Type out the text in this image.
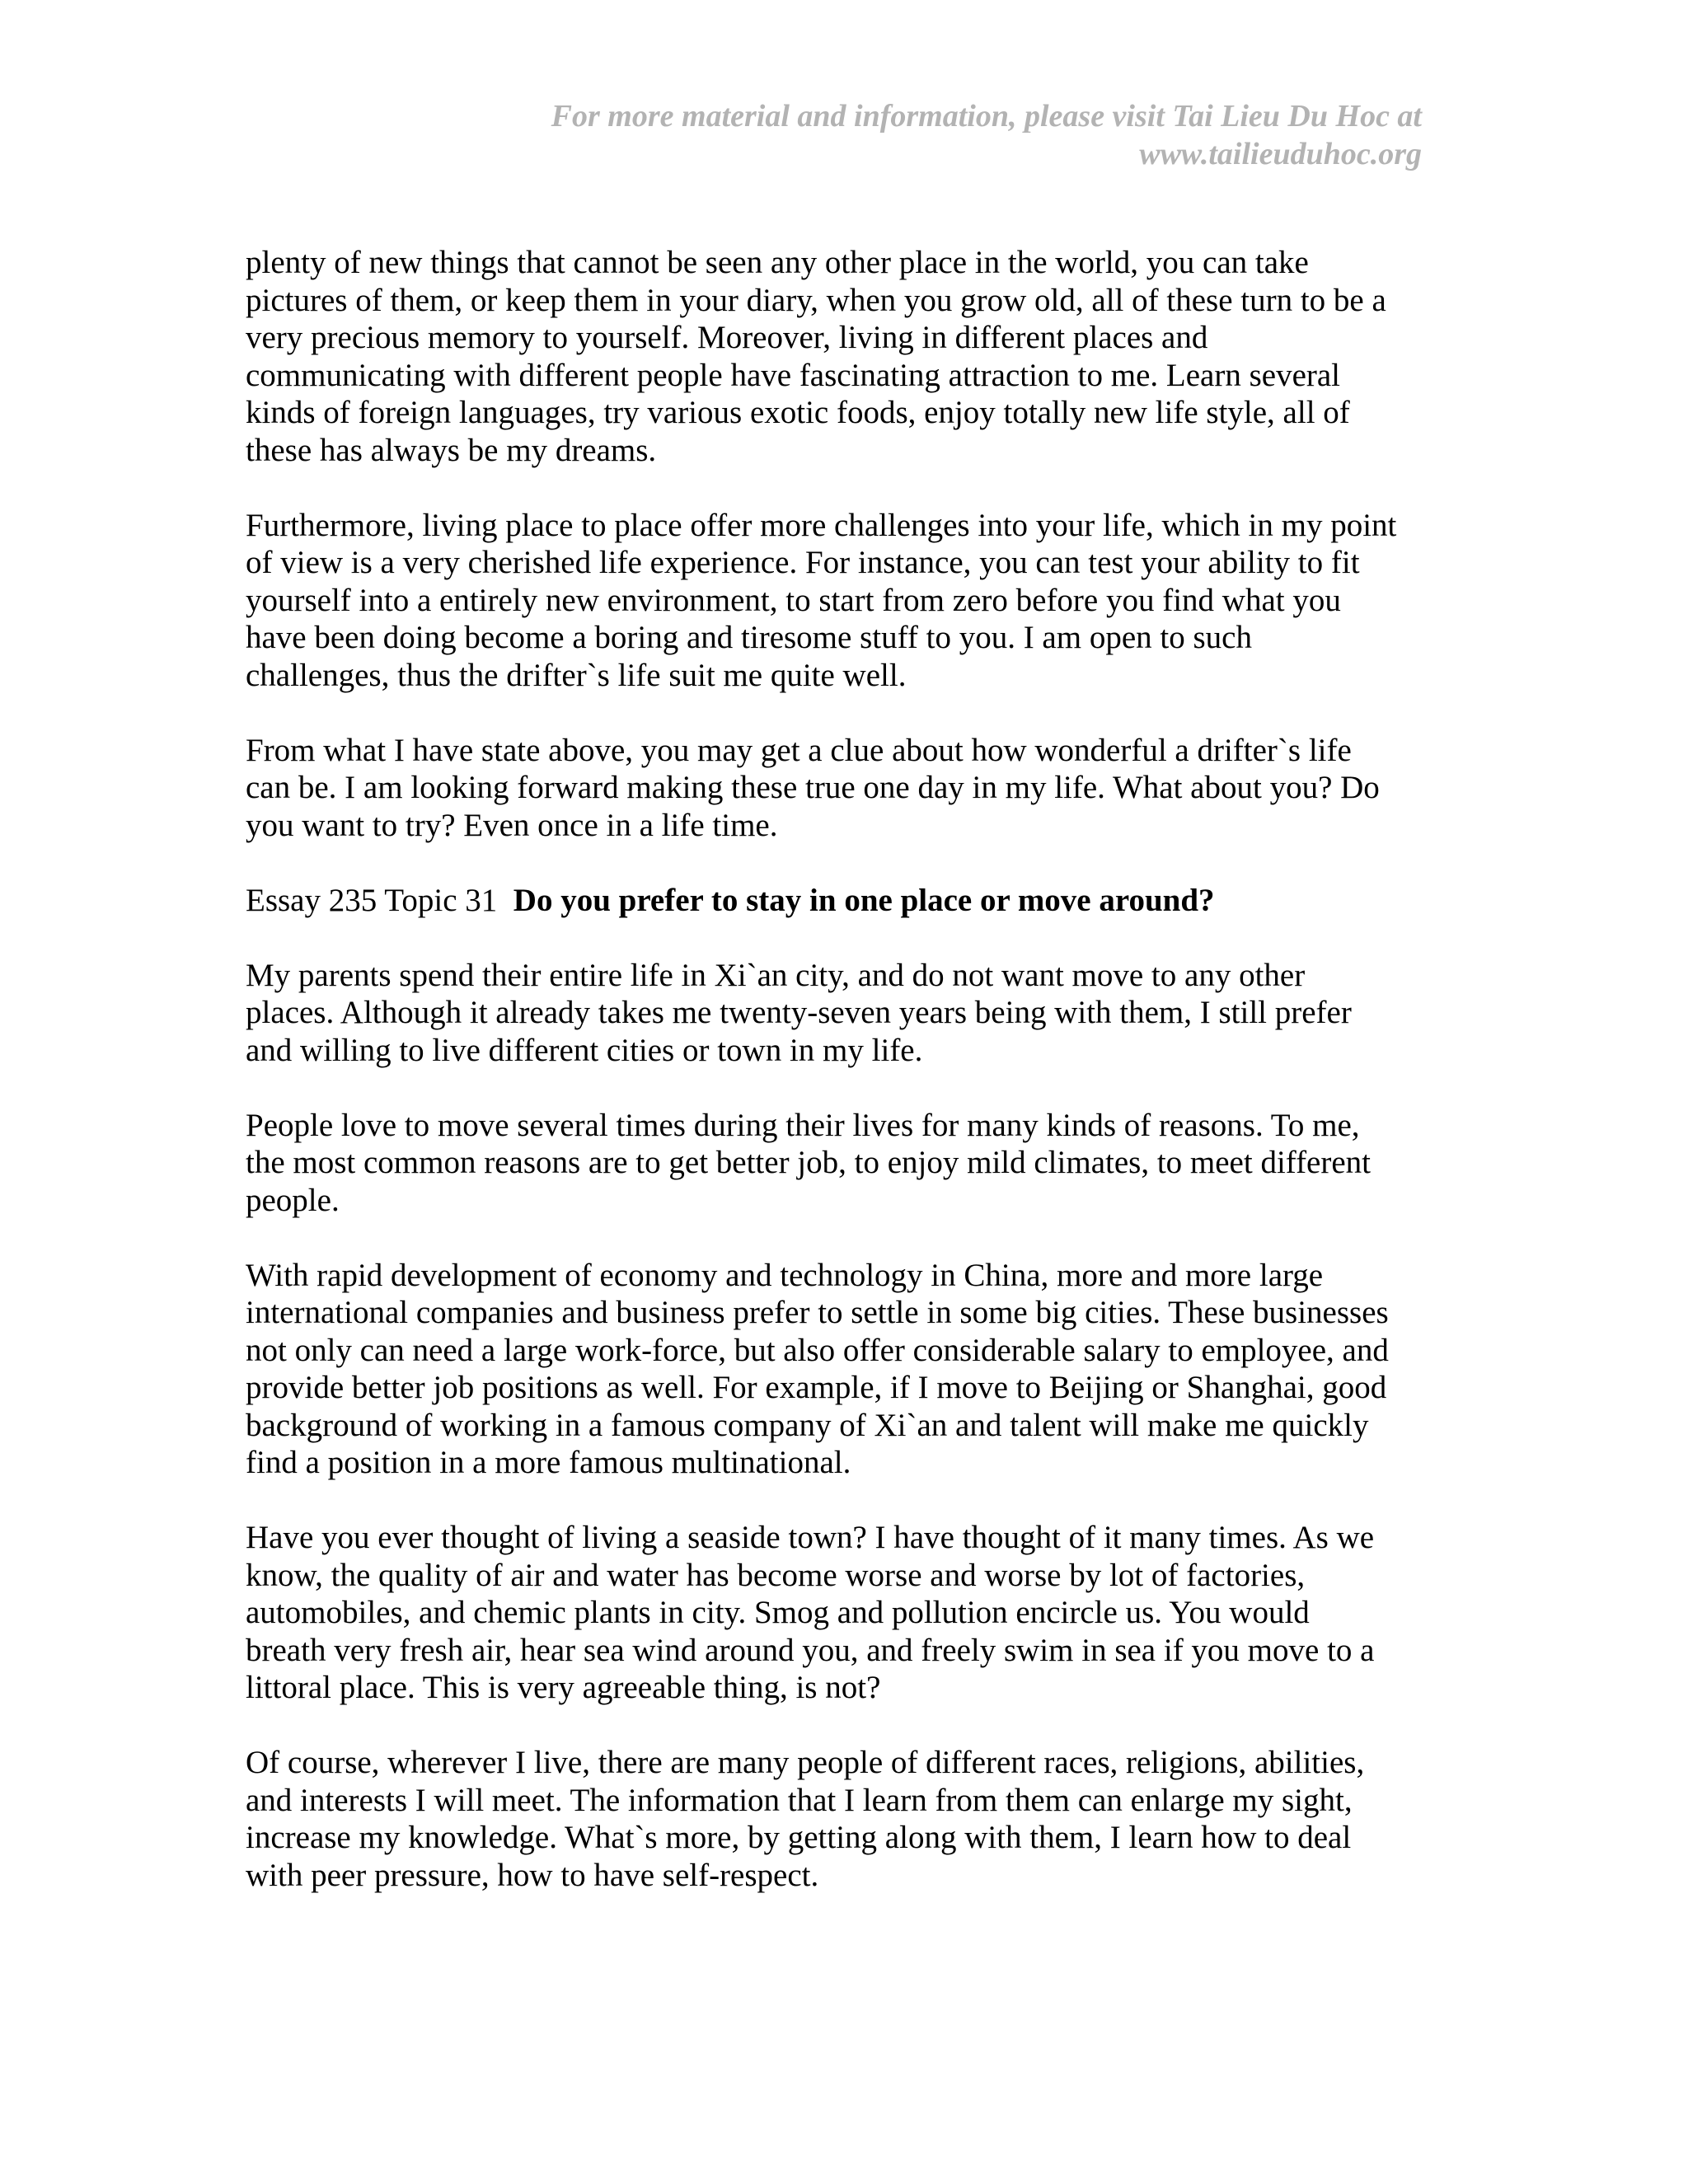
For more material and information, please visit Tai Lieu Du Hoc at
www.tailieuduhoc.org
plenty of new things that cannot be seen any other place in the world, you can take
pictures of them, or keep them in your diary, when you grow old, all of these turn to be a
very precious memory to yourself. Moreover, living in different places and
communicating with different people have fascinating attraction to me. Learn several
kinds of foreign languages, try various exotic foods, enjoy totally new life style, all of
these has always be my dreams.
Furthermore, living place to place offer more challenges into your life, which in my point
of view is a very cherished life experience. For instance, you can test your ability to fit
yourself into a entirely new environment, to start from zero before you find what you
have been doing become a boring and tiresome stuff to you. I am open to such
challenges, thus the drifter`s life suit me quite well.
From what I have state above, you may get a clue about how wonderful a drifter`s life
can be. I am looking forward making these true one day in my life. What about you? Do
you want to try? Even once in a life time.
Essay 235 Topic 31 Do you prefer to stay in one place or move around?
My parents spend their entire life in Xi`an city, and do not want move to any other
places. Although it already takes me twenty-seven years being with them, I still prefer
and willing to live different cities or town in my life.
People love to move several times during their lives for many kinds of reasons. To me,
the most common reasons are to get better job, to enjoy mild climates, to meet different
people.
With rapid development of economy and technology in China, more and more large
international companies and business prefer to settle in some big cities. These businesses
not only can need a large work-force, but also offer considerable salary to employee, and
provide better job positions as well. For example, if I move to Beijing or Shanghai, good
background of working in a famous company of Xi`an and talent will make me quickly
find a position in a more famous multinational.
Have you ever thought of living a seaside town? I have thought of it many times. As we
know, the quality of air and water has become worse and worse by lot of factories,
automobiles, and chemic plants in city. Smog and pollution encircle us. You would
breath very fresh air, hear sea wind around you, and freely swim in sea if you move to a
littoral place. This is very agreeable thing, is not?
Of course, wherever I live, there are many people of different races, religions, abilities,
and interests I will meet. The information that I learn from them can enlarge my sight,
increase my knowledge. What`s more, by getting along with them, I learn how to deal
with peer pressure, how to have self-respect.
